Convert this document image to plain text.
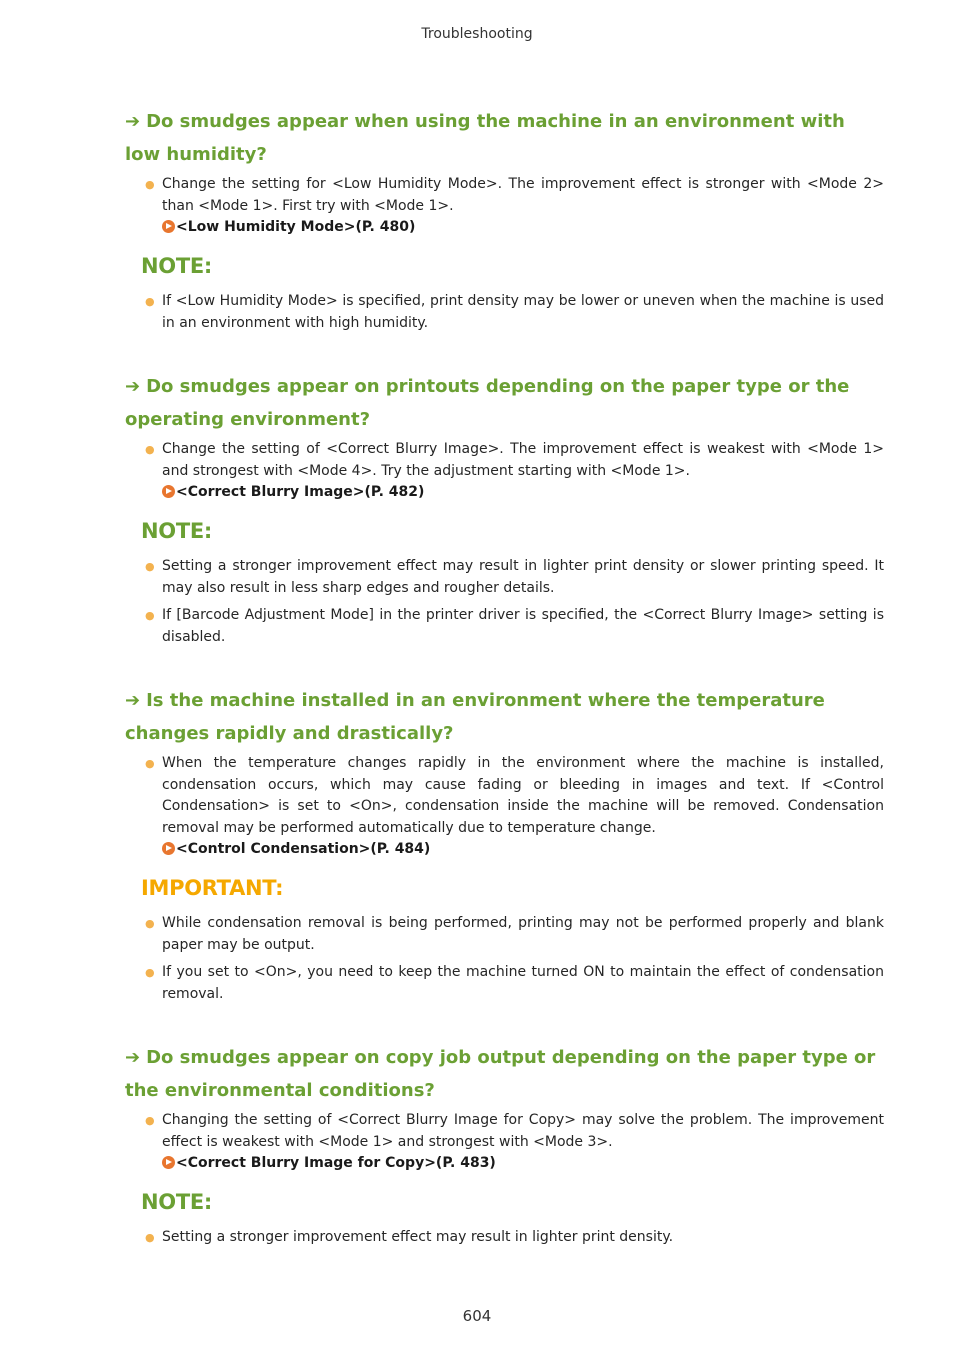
Troubleshooting
➔ Do smudges appear when using the machine in an environment with low humidity?
● Change the setting for <Low Humidity Mode>. The improvement effect is stronger with <Mode 2> than <Mode 1>. First try with <Mode 1>.
<Low Humidity Mode>(P. 480)
NOTE:
● If <Low Humidity Mode> is specified, print density may be lower or uneven when the machine is used in an environment with high humidity.
➔ Do smudges appear on printouts depending on the paper type or the operating environment?
● Change the setting of <Correct Blurry Image>. The improvement effect is weakest with <Mode 1> and strongest with <Mode 4>. Try the adjustment starting with <Mode 1>.
<Correct Blurry Image>(P. 482)
NOTE:
● Setting a stronger improvement effect may result in lighter print density or slower printing speed. It may also result in less sharp edges and rougher details.
● If [Barcode Adjustment Mode] in the printer driver is specified, the <Correct Blurry Image> setting is disabled.
➔ Is the machine installed in an environment where the temperature changes rapidly and drastically?
● When the temperature changes rapidly in the environment where the machine is installed, condensation occurs, which may cause fading or bleeding in images and text. If <Control Condensation> is set to <On>, condensation inside the machine will be removed. Condensation removal may be performed automatically due to temperature change.
<Control Condensation>(P. 484)
IMPORTANT:
● While condensation removal is being performed, printing may not be performed properly and blank paper may be output.
● If you set to <On>, you need to keep the machine turned ON to maintain the effect of condensation removal.
➔ Do smudges appear on copy job output depending on the paper type or the environmental conditions?
● Changing the setting of <Correct Blurry Image for Copy> may solve the problem. The improvement effect is weakest with <Mode 1> and strongest with <Mode 3>.
<Correct Blurry Image for Copy>(P. 483)
NOTE:
● Setting a stronger improvement effect may result in lighter print density.
604
